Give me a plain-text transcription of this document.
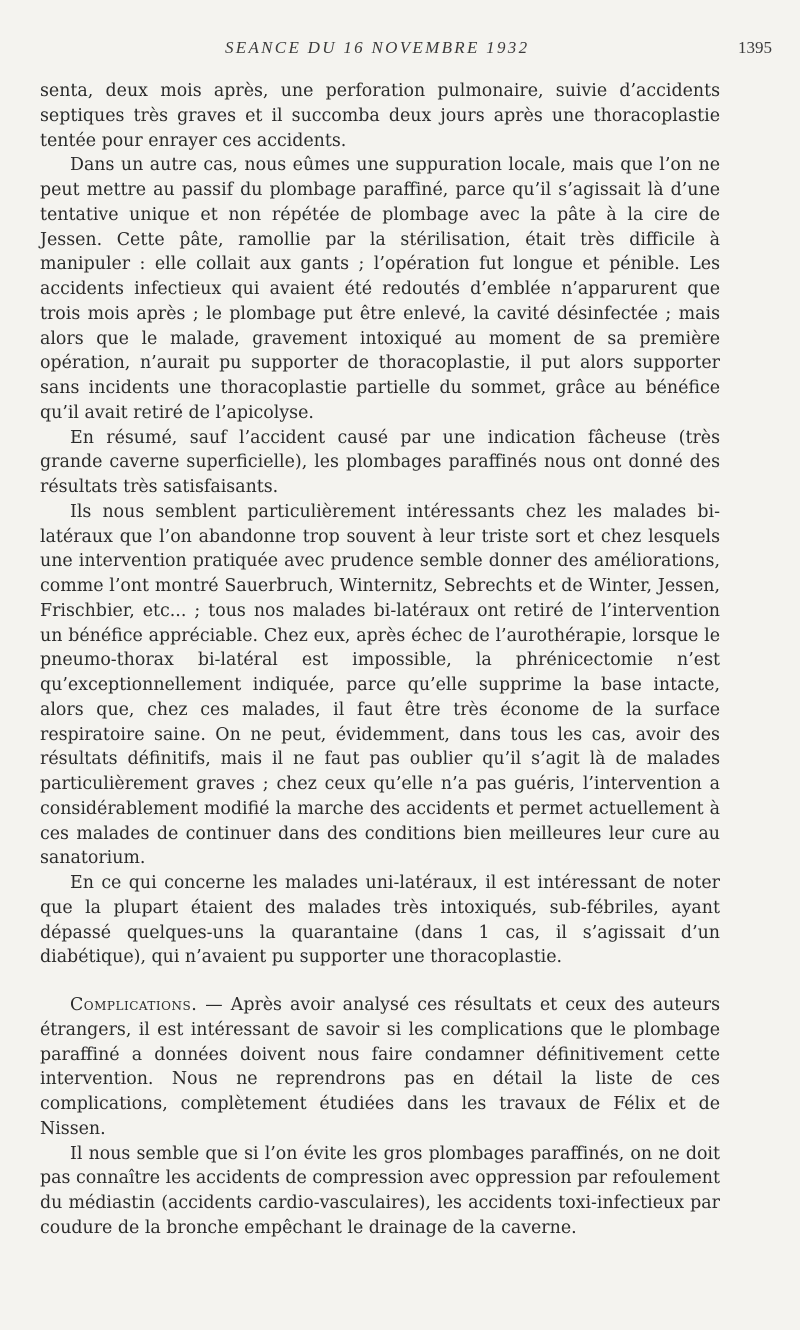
SEANCE DU 16 NOVEMBRE 1932	1395

senta, deux mois après, une perforation pulmonaire, suivie d’accidents septiques très graves et il succomba deux jours après une thoracoplastie tentée pour enrayer ces accidents.

Dans un autre cas, nous eûmes une suppuration locale, mais que l’on ne peut mettre au passif du plombage paraffiné, parce qu’il s’agissait là d’une tentative unique et non répétée de plombage avec la pâte à la cire de Jessen. Cette pâte, ramollie par la stérilisation, était très difficile à manipuler : elle collait aux gants ; l’opération fut longue et pénible. Les accidents infectieux qui avaient été redoutés d’emblée n’apparurent que trois mois après ; le plombage put être enlevé, la cavité désinfectée ; mais alors que le malade, gravement intoxiqué au moment de sa première opération, n’aurait pu supporter de thoracoplastie, il put alors supporter sans incidents une thoracoplastie partielle du sommet, grâce au bénéfice qu’il avait retiré de l’apicolyse.

En résumé, sauf l’accident causé par une indication fâcheuse (très grande caverne superficielle), les plombages paraffinés nous ont donné des résultats très satisfaisants.

Ils nous semblent particulièrement intéressants chez les malades bi-latéraux que l’on abandonne trop souvent à leur triste sort et chez lesquels une intervention pratiquée avec prudence semble donner des améliorations, comme l’ont montré Sauerbruch, Winternitz, Sebrechts et de Winter, Jessen, Frischbier, etc... ; tous nos malades bi-latéraux ont retiré de l’intervention un bénéfice appréciable. Chez eux, après échec de l’aurothérapie, lorsque le pneumo-thorax bi-latéral est impossible, la phrénicectomie n’est qu’exceptionnellement indiquée, parce qu’elle supprime la base intacte, alors que, chez ces malades, il faut être très économe de la surface respiratoire saine. On ne peut, évidemment, dans tous les cas, avoir des résultats définitifs, mais il ne faut pas oublier qu’il s’agit là de malades particulièrement graves ; chez ceux qu’elle n’a pas guéris, l’intervention a considérablement modifié la marche des accidents et permet actuellement à ces malades de continuer dans des conditions bien meilleures leur cure au sanatorium.

En ce qui concerne les malades uni-latéraux, il est intéressant de noter que la plupart étaient des malades très intoxiqués, sub-fébriles, ayant dépassé quelques-uns la quarantaine (dans 1 cas, il s’agissait d’un diabétique), qui n’avaient pu supporter une thoracoplastie.

Complications. — Après avoir analysé ces résultats et ceux des auteurs étrangers, il est intéressant de savoir si les complications que le plombage paraffiné a données doivent nous faire condamner définitivement cette intervention. Nous ne reprendrons pas en détail la liste de ces complications, complètement étudiées dans les travaux de Félix et de Nissen.

Il nous semble que si l’on évite les gros plombages paraffinés, on ne doit pas connaître les accidents de compression avec oppression par refoulement du médiastin (accidents cardio-vasculaires), les accidents toxi-infectieux par coudure de la bronche empêchant le drainage de la caverne.
